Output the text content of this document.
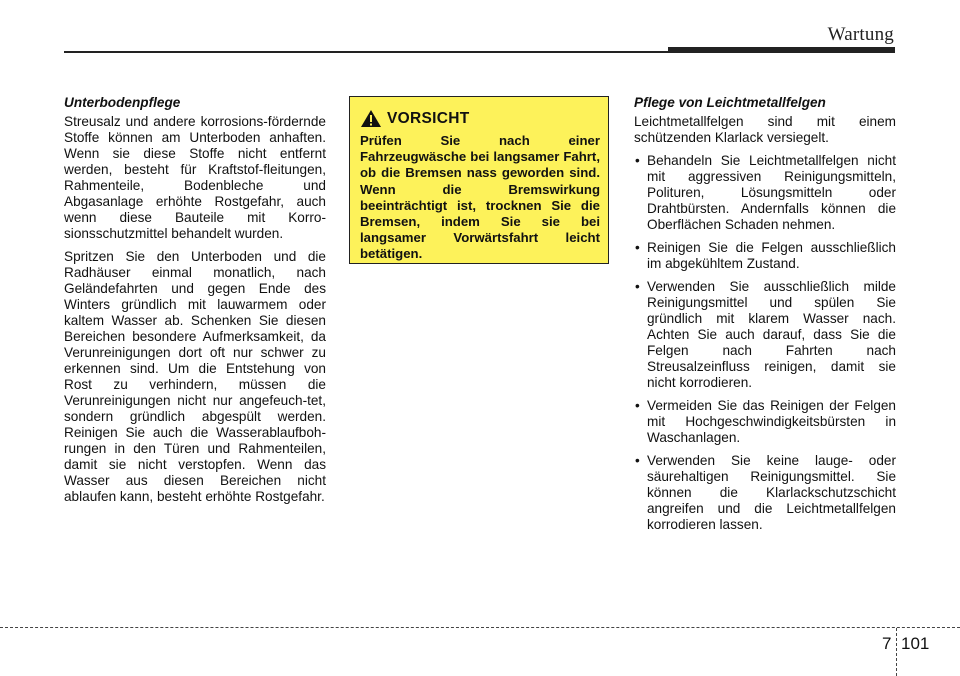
Wartung
Unterbodenpflege

Streusalz und andere korrosions-fördernde Stoffe können am Unterboden anhaften. Wenn sie diese Stoffe nicht entfernt werden, besteht für Kraftstof-fleitungen, Rahmenteile, Bodenbleche und Abgasanlage erhöhte Rostgefahr, auch wenn diese Bauteile mit Korro-sionsschutzmittel behandelt wurden.

Spritzen Sie den Unterboden und die Radhäuser einmal monatlich, nach Geländefahrten und gegen Ende des Winters gründlich mit lauwarmem oder kaltem Wasser ab. Schenken Sie diesen Bereichen besondere Aufmerksamkeit, da Verunreinigungen dort oft nur schwer zu erkennen sind. Um die Entstehung von Rost zu verhindern, müssen die Verunreinigungen nicht nur angefeuch-tet, sondern gründlich abgespült werden. Reinigen Sie auch die Wasserablaufboh-rungen in den Türen und Rahmenteilen, damit sie nicht verstopfen. Wenn das Wasser aus diesen Bereichen nicht ablaufen kann, besteht erhöhte Rostgefahr.

VORSICHT

Prüfen Sie nach einer Fahrzeugwäsche bei langsamer Fahrt, ob die Bremsen nass geworden sind. Wenn die Bremswirkung beeinträchtigt ist, trocknen Sie die Bremsen, indem Sie sie bei langsamer Vorwärtsfahrt leicht betätigen.

Pflege von Leichtmetallfelgen

Leichtmetallfelgen sind mit einem schützenden Klarlack versiegelt.

• Behandeln Sie Leichtmetallfelgen nicht mit aggressiven Reinigungsmitteln, Polituren, Lösungsmitteln oder Drahtbürsten. Andernfalls können die Oberflächen Schaden nehmen.
• Reinigen Sie die Felgen ausschließlich im abgekühltem Zustand.
• Verwenden Sie ausschließlich milde Reinigungsmittel und spülen Sie gründlich mit klarem Wasser nach. Achten Sie auch darauf, dass Sie die Felgen nach Fahrten nach Streusalzeinfluss reinigen, damit sie nicht korrodieren.
• Vermeiden Sie das Reinigen der Felgen mit Hochgeschwindigkeitsbürsten in Waschanlagen.
• Verwenden Sie keine lauge- oder säurehaltigen Reinigungsmittel. Sie können die Klarlackschutzschicht angreifen und die Leichtmetallfelgen korrodieren lassen.
7 101
